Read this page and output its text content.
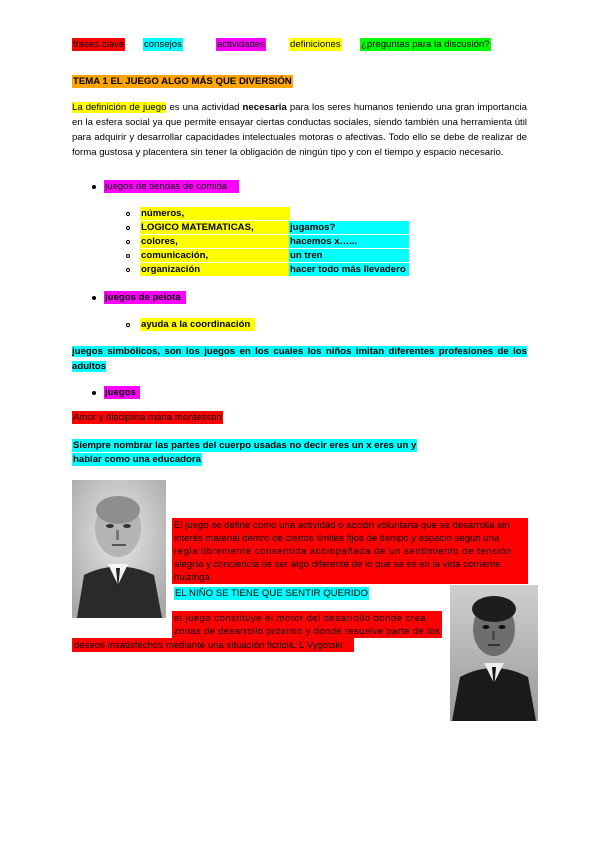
frases clave consejos	actividades	definiciones ¿preguntas para la discusión?
TEMA 1 EL JUEGO ALGO MÁS QUE DIVERSIÓN

La definición de juego es una actividad necesaria para los seres humanos teniendo una gran importancia en la esfera social ya que permite ensayar ciertas conductas sociales, siendo también una herramienta útil para adquirir y desarrollar capacidades intelectuales motoras o afectivas. Todo ello se debe de realizar de forma gustosa y placentera sin tener la obligación de ningún tipo y con el tiempo y espacio necesario.

juegos de tiendas de comida
números,
LOGICO MATEMATICAS,	jugamos?
colores,	hacemos x…...
comunicación,	un tren
organización	hacer todo más llevadero
juegos de pelota
ayuda a la coordinación

juegos simbólicos, son los juegos en los cuales los niños imitan diferentes profesiones de los adultos

juegos
Amor y disciplina maria montessori
Siempre nombrar las partes del cuerpo usadas no decir eres un x eres un y
hablar como una educadora
El juego se define como una actividad o acción voluntaria que se desarrolla sin
interés material dentro de ciertos límites fijos de tiempo y espacio según una
regla libremente consentida acompañada de un sentimiento de tensión
alegría y conciencia de ser algo diferente de lo que se es en la vida corriente.
huizinga
EL NIÑO SE TIENE QUE SENTIR QUERIDO
el juego constituye el motor del desarrollo donde crea
zonas de desarrollo próximo y donde resuelve parte de los
deseos insatisfechos mediante una situación ficticia. L Vygotski
